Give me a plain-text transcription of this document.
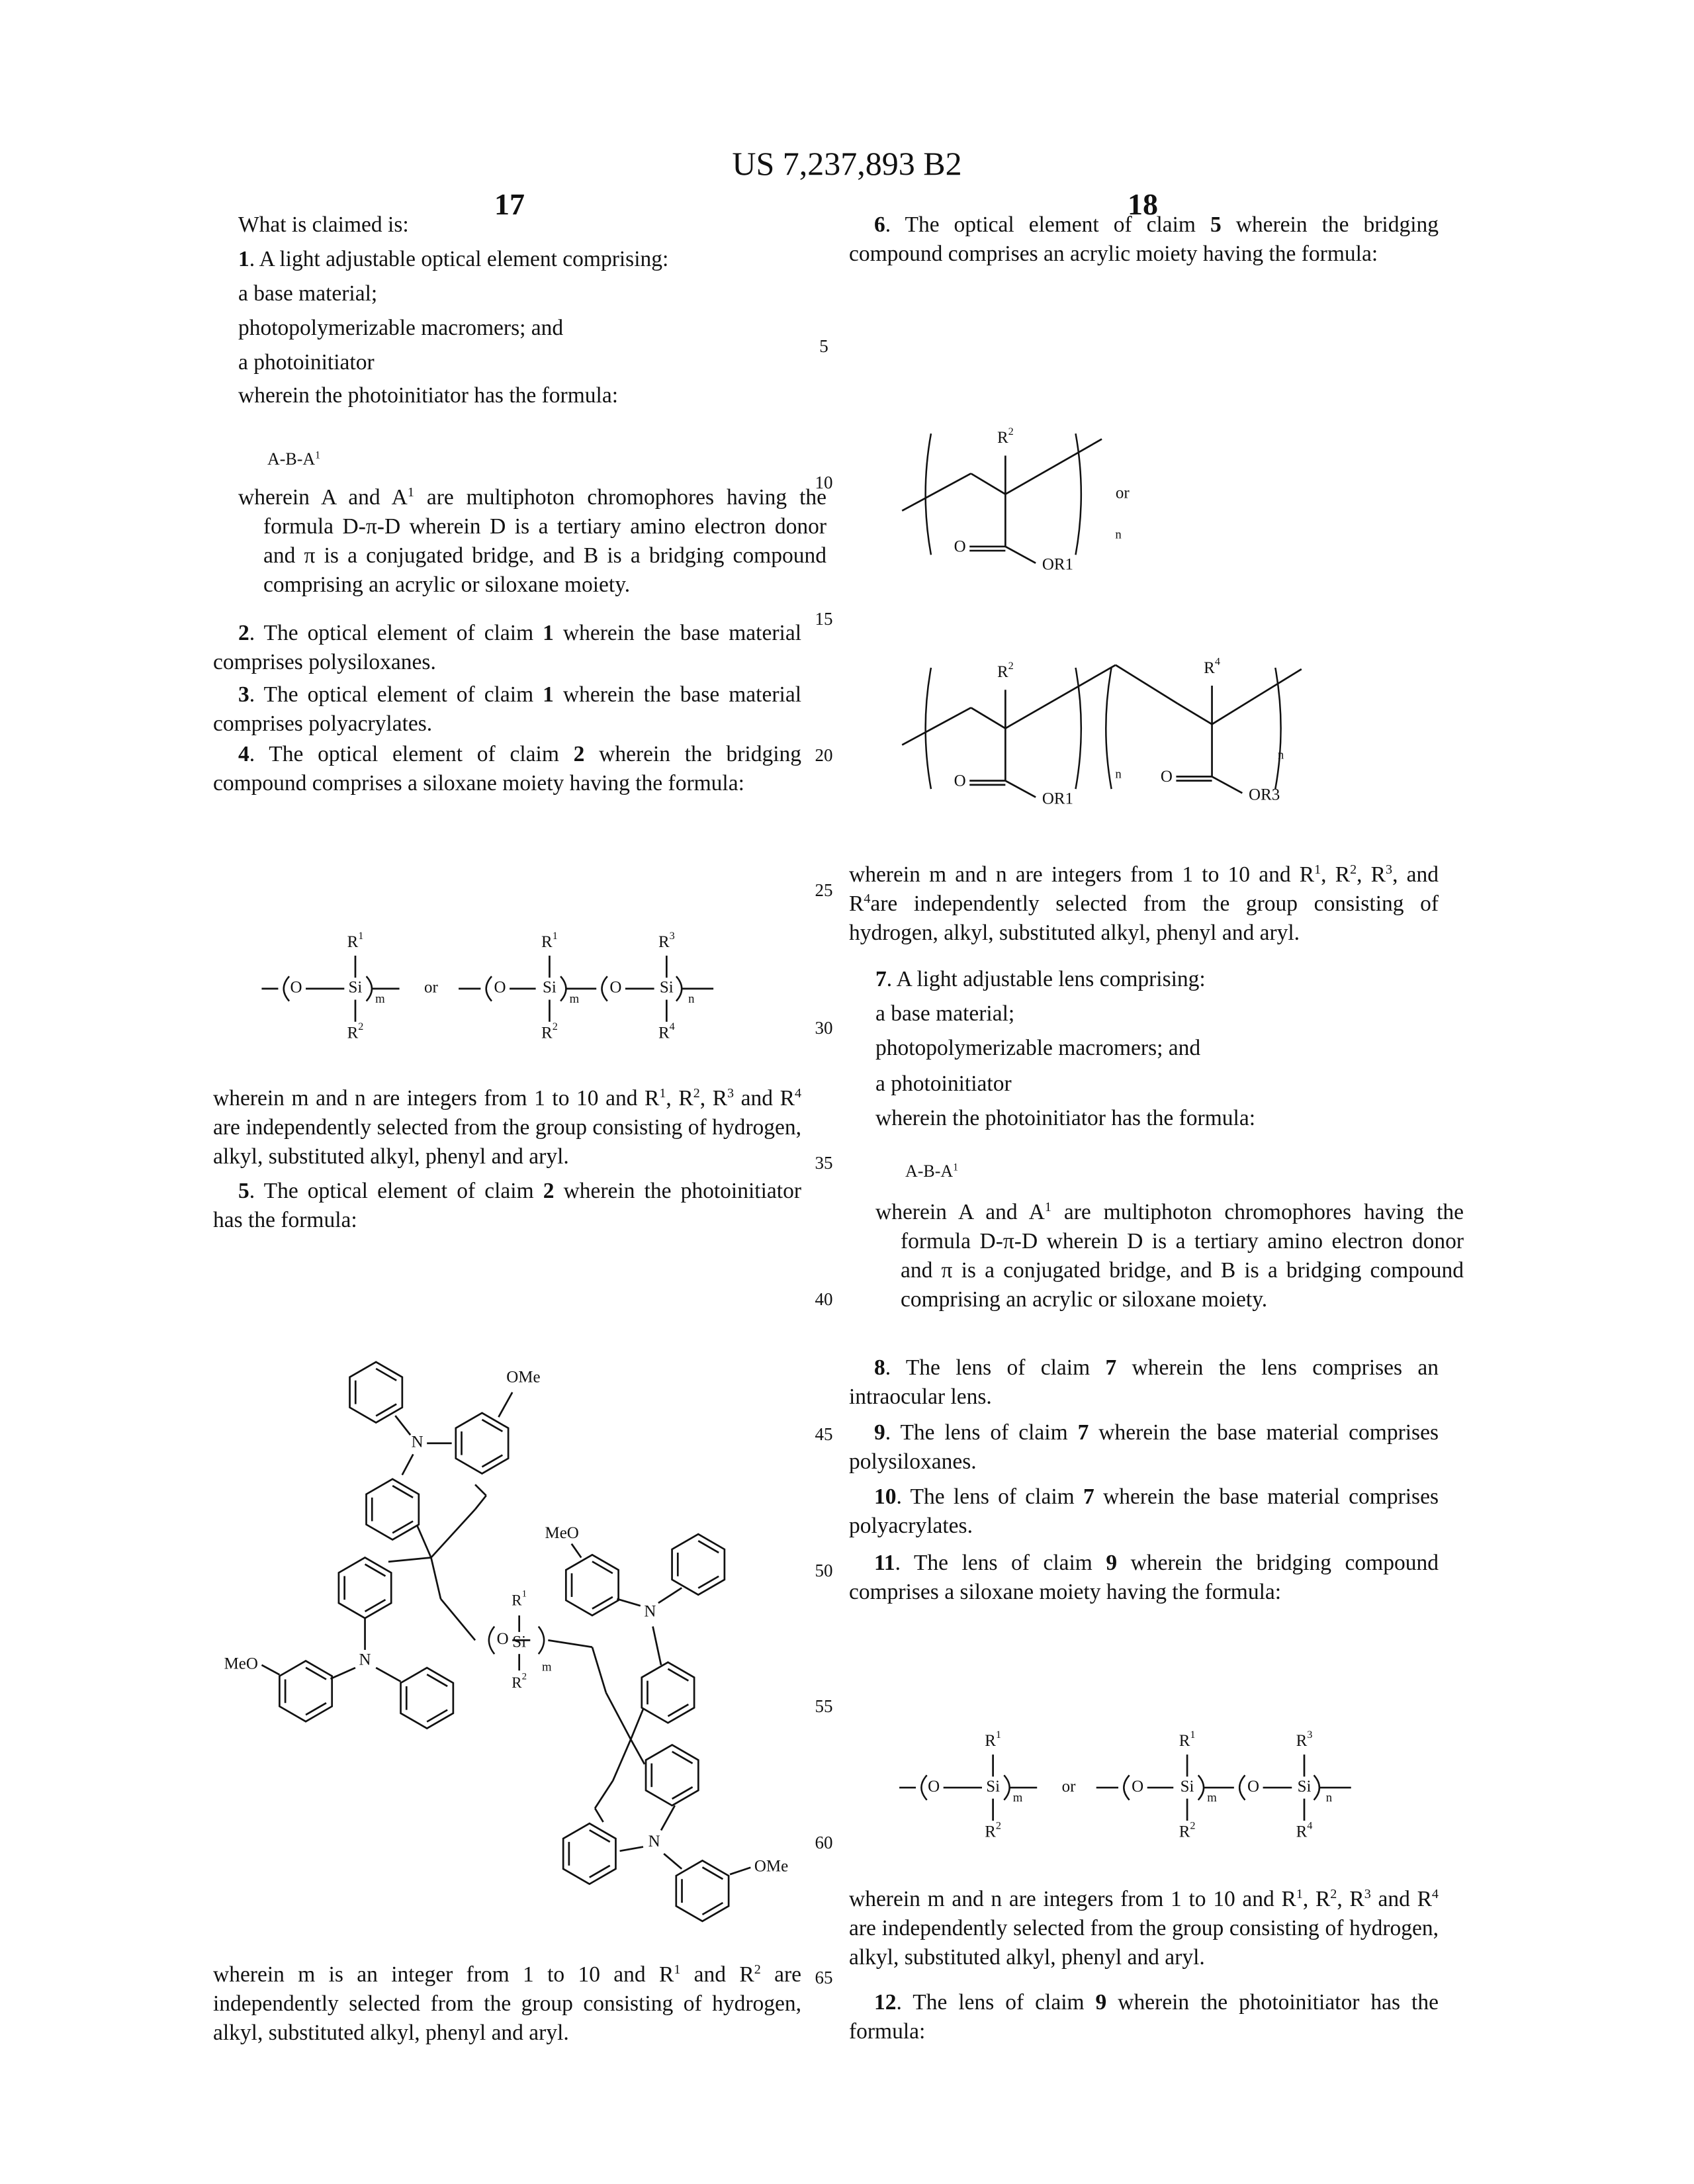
US 7,237,893 B2
17	18

What is claimed is:

1. A light adjustable optical element comprising:

a base material;

photopolymerizable macromers; and

a photoinitiator

wherein the photoinitiator has the formula:

A-B-A1

wherein A and A1 are multiphoton chromophores having the formula D-π-D wherein D is a tertiary amino electron donor and π is a conjugated bridge, and B is a bridging compound comprising an acrylic or siloxane moiety.

2. The optical element of claim 1 wherein the base material comprises polysiloxanes.

3. The optical element of claim 1 wherein the base material comprises polyacrylates.

4. The optical element of claim 2 wherein the bridging compound comprises a siloxane moiety having the formula:

wherein m and n are integers from 1 to 10 and R1, R2, R3 and R4 are independently selected from the group consisting of hydrogen, alkyl, substituted alkyl, phenyl and aryl.

5. The optical element of claim 2 wherein the photoinitiator has the formula:

wherein m is an integer from 1 to 10 and R1 and R2 are independently selected from the group consisting of hydrogen, alkyl, substituted alkyl, phenyl and aryl.

6. The optical element of claim 5 wherein the bridging compound comprises an acrylic moiety having the formula:

wherein m and n are integers from 1 to 10 and R1, R2, R3, and R4are independently selected from the group consisting of hydrogen, alkyl, substituted alkyl, phenyl and aryl.

7. A light adjustable lens comprising:

a base material;

photopolymerizable macromers; and

a photoinitiator

wherein the photoinitiator has the formula:

A-B-A1

wherein A and A1 are multiphoton chromophores having the formula D-π-D wherein D is a tertiary amino electron donor and π is a conjugated bridge, and B is a bridging compound comprising an acrylic or siloxane moiety.

8. The lens of claim 7 wherein the lens comprises an intraocular lens.

9. The lens of claim 7 wherein the base material comprises polysiloxanes.

10. The lens of claim 7 wherein the base material comprises polyacrylates.

11. The lens of claim 9 wherein the bridging compound comprises a siloxane moiety having the formula:

wherein m and n are integers from 1 to 10 and R1, R2, R3 and R4 are independently selected from the group consisting of hydrogen, alkyl, substituted alkyl, phenyl and aryl.

12. The lens of claim 9 wherein the photoinitiator has the formula:

5
10
15
20
25
30
35
40
45
50
55
60
65
O	Si
m
R1
R2
or	O	Si
m
O	Si
n
R1
R2
R3
R4
O	Si
m
R1
R2
or	O	Si
m
O	Si
n
R1
R2
R3
R4
R2
O
OR1
n
or
R2
O
OR1
n
R4
O
OR3
n
N
OMe
N
MeO
O Si
R1
R2
m
N
MeO
N
OMe
